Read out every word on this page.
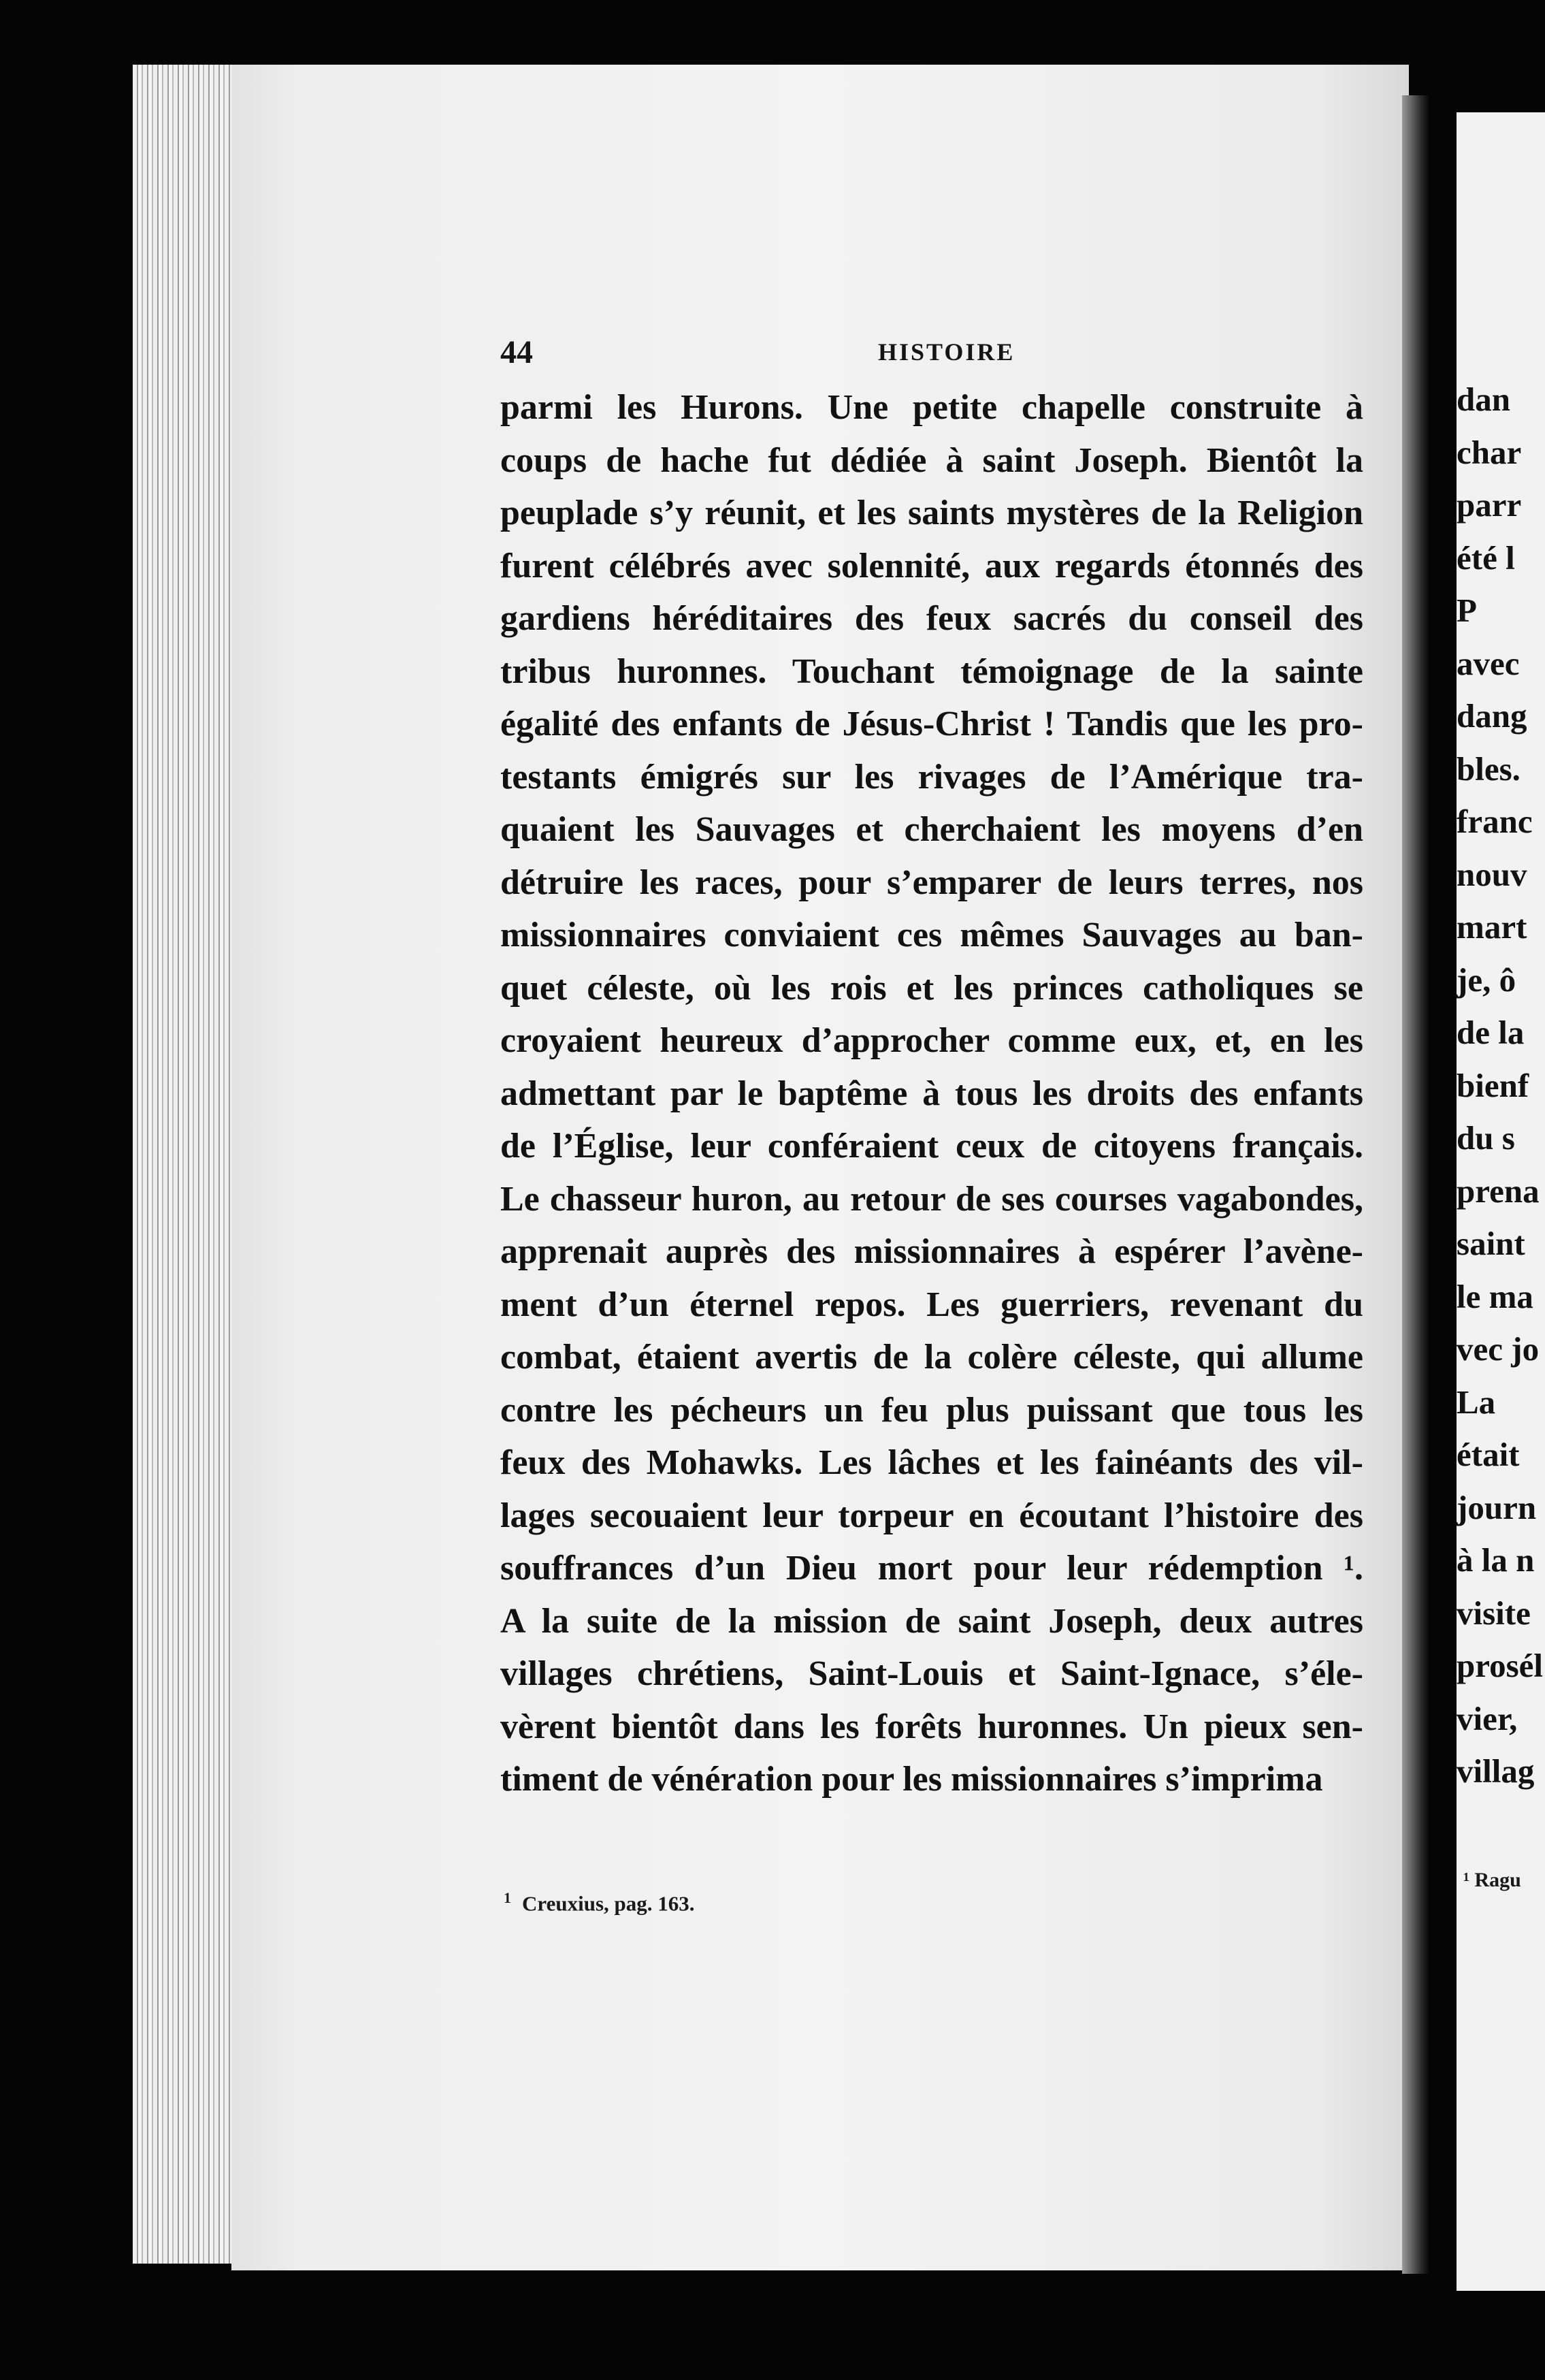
44	HISTOIRE
parmi les Hurons. Une petite chapelle construite à
coups de hache fut dédiée à saint Joseph. Bientôt la
peuplade s’y réunit, et les saints mystères de la Religion
furent célébrés avec solennité, aux regards étonnés des
gardiens héréditaires des feux sacrés du conseil des
tribus huronnes. Touchant témoignage de la sainte
égalité des enfants de Jésus-Christ ! Tandis que les pro-
testants émigrés sur les rivages de l’Amérique tra-
quaient les Sauvages et cherchaient les moyens d’en
détruire les races, pour s’emparer de leurs terres, nos
missionnaires conviaient ces mêmes Sauvages au ban-
quet céleste, où les rois et les princes catholiques se
croyaient heureux d’approcher comme eux, et, en les
admettant par le baptême à tous les droits des enfants
de l’Église, leur conféraient ceux de citoyens français.
Le chasseur huron, au retour de ses courses vagabondes,
apprenait auprès des missionnaires à espérer l’avène-
ment d’un éternel repos. Les guerriers, revenant du
combat, étaient avertis de la colère céleste, qui allume
contre les pécheurs un feu plus puissant que tous les
feux des Mohawks. Les lâches et les fainéants des vil-
lages secouaient leur torpeur en écoutant l’histoire des
souffrances d’un Dieu mort pour leur rédemption ¹.
A la suite de la mission de saint Joseph, deux autres
villages chrétiens, Saint-Louis et Saint-Ignace, s’éle-
vèrent bientôt dans les forêts huronnes. Un pieux sen-
timent de vénération pour les missionnaires s’imprima
$^1$ Creuxius, pag. 163.
dan
char
parr
été l
P
avec
dang
bles.
franc
nouv
mart
je, ô
de la
bienf
du s
prena
saint
le ma
vec jo
La
était
journ
à la n
visite
prosél
vier,
villag
¹ Ragu
